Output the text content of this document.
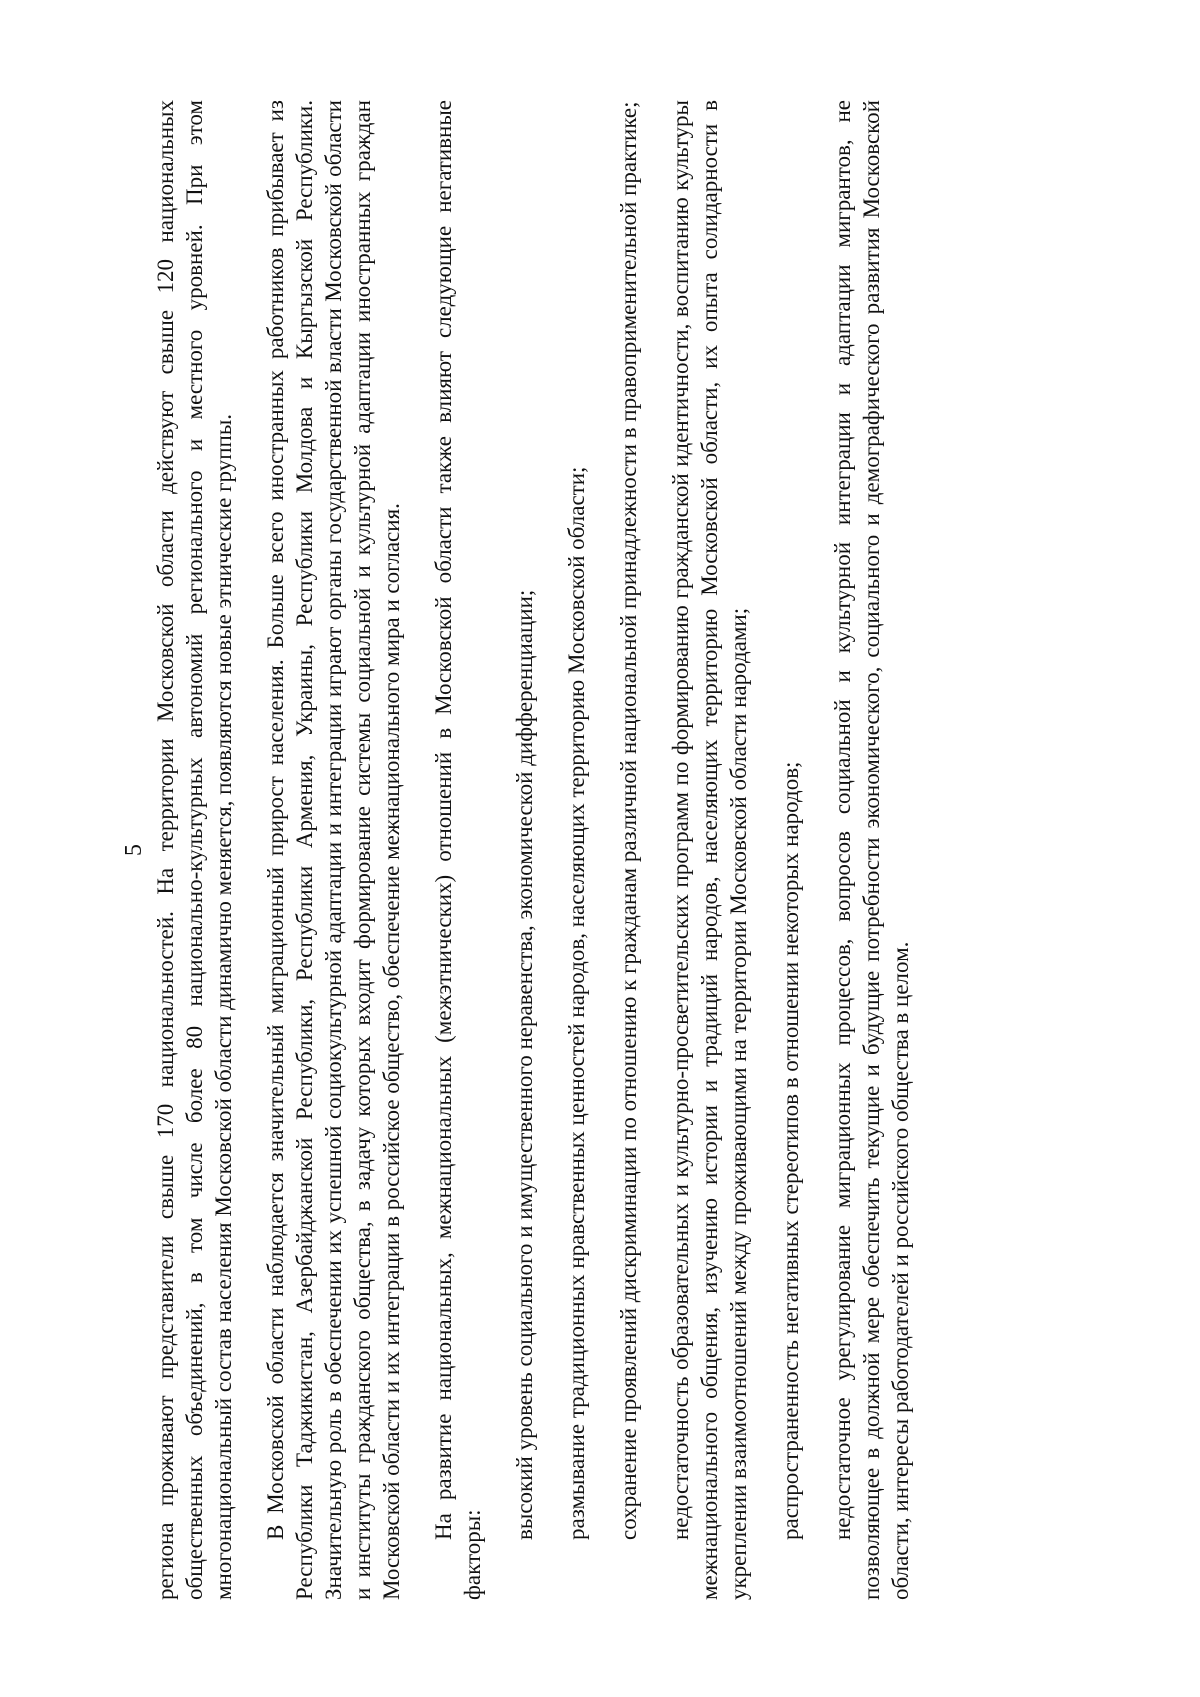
5 региона проживают представители свыше 170 национальностей. На территории Московской области действуют свыше 120 национальных общественных объединений, в том числе более 80 национально-культурных автономий регионального и местного уровней. При этом многонациональный состав населения Московской области динамично меняется, появляются новые этнические группы. В Московской области наблюдается значительный миграционный прирост населения. Больше всего иностранных работников прибывает из Республики Таджикистан, Азербайджанской Республики, Республики Армения, Украины, Республики Молдова и Кыргызской Республики. Значительную роль в обеспечении их успешной социокультурной адаптации и интеграции играют органы государственной власти Московской области и институты гражданского общества, в задачу которых входит формирование системы социальной и культурной адаптации иностранных граждан Московской области и их интеграции в российское общество, обеспечение межнационального мира и согласия. На развитие национальных, межнациональных (межэтнических) отношений в Московской области также влияют следующие негативные факторы:

высокий уровень социального и имущественного неравенства, экономической дифференциации; размывание традиционных нравственных ценностей народов, населяющих территорию Московской области; сохранение проявлений дискриминации по отношению к гражданам различной национальной принадлежности в правоприменительной практике; недостаточность образовательных и культурно-просветительских программ по формированию гражданской идентичности, воспитанию культуры межнационального общения, изучению истории и традиций народов, населяющих территорию Московской области, их опыта солидарности в укреплении взаимоотношений между проживающими на территории Московской области народами; распространенность негативных стереотипов в отношении некоторых народов; недостаточное урегулирование миграционных процессов, вопросов социальной и культурной интеграции и адаптации мигрантов, не позволяющее в должной мере обеспечить текущие и будущие потребности экономического, социального и демографического развития Московской области, интересы работодателей и российского общества в целом.
